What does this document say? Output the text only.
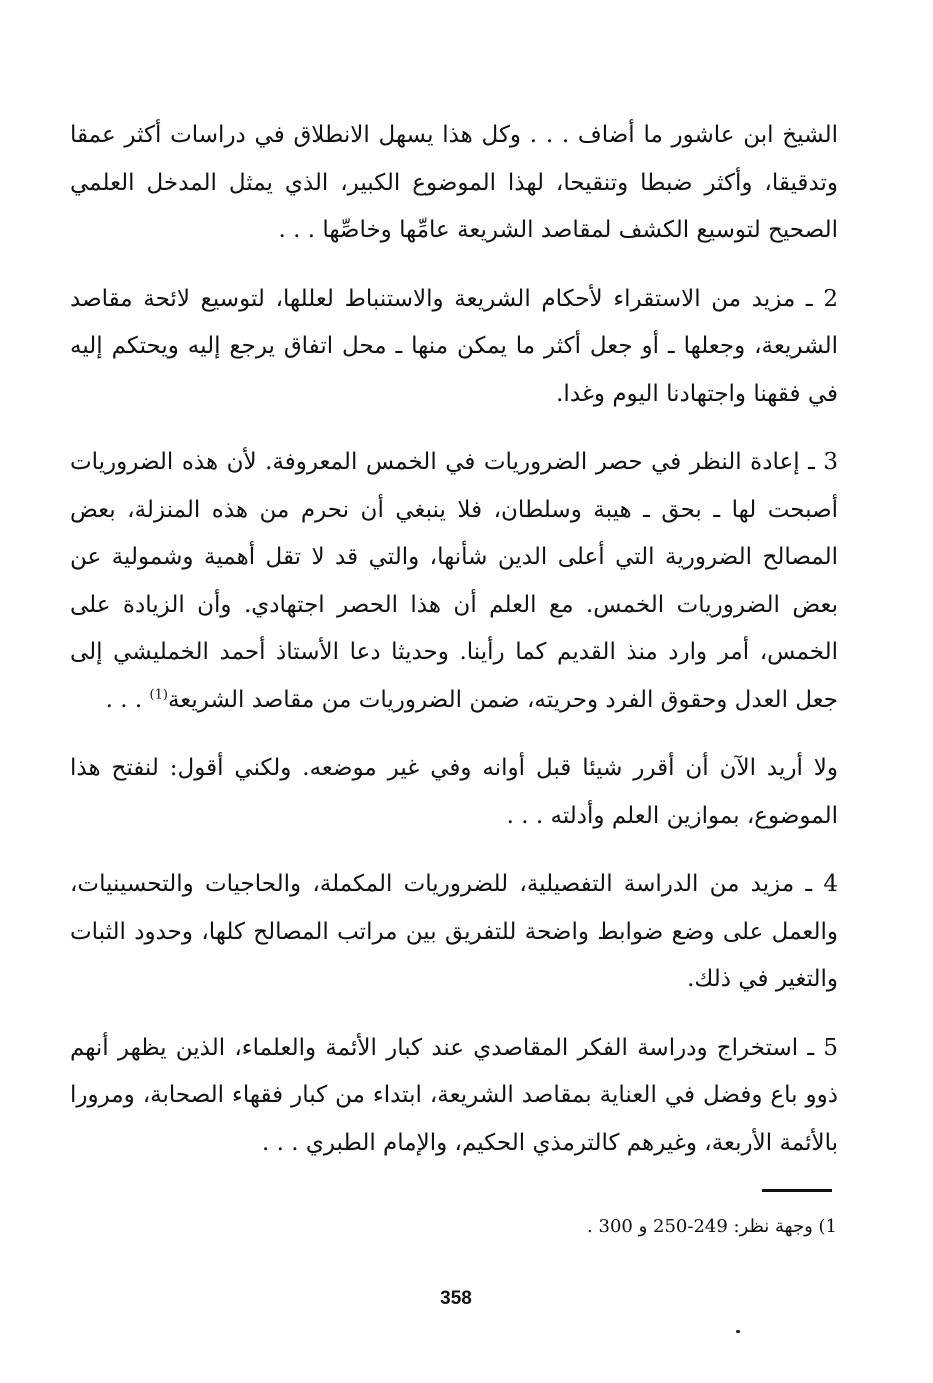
الشيخ ابن عاشور ما أضاف . . . وكل هذا يسهل الانطلاق في دراسات أكثر عمقا وتدقيقا، وأكثر ضبطا وتنقيحا، لهذا الموضوع الكبير، الذي يمثل المدخل العلمي الصحيح لتوسيع الكشف لمقاصد الشريعة عامِّها وخاصِّها . . .

2 ـ مزيد من الاستقراء لأحكام الشريعة والاستنباط لعللها، لتوسيع لائحة مقاصد الشريعة، وجعلها ـ أو جعل أكثر ما يمكن منها ـ محل اتفاق يرجع إليه ويحتكم إليه في فقهنا واجتهادنا اليوم وغدا.

3 ـ إعادة النظر في حصر الضروريات في الخمس المعروفة. لأن هذه الضروريات أصبحت لها ـ بحق ـ هيبة وسلطان، فلا ينبغي أن نحرم من هذه المنزلة، بعض المصالح الضرورية التي أعلى الدين شأنها، والتي قد لا تقل أهمية وشمولية عن بعض الضروريات الخمس. مع العلم أن هذا الحصر اجتهادي. وأن الزيادة على الخمس، أمر وارد منذ القديم كما رأينا. وحديثا دعا الأستاذ أحمد الخمليشي إلى جعل العدل وحقوق الفرد وحريته، ضمن الضروريات من مقاصد الشريعة$^{(1)}$ . . .

ولا أريد الآن أن أقرر شيئا قبل أوانه وفي غير موضعه. ولكني أقول: لنفتح هذا الموضوع، بموازين العلم وأدلته . . .

4 ـ مزيد من الدراسة التفصيلية، للضروريات المكملة، والحاجيات والتحسينيات، والعمل على وضع ضوابط واضحة للتفريق بين مراتب المصالح كلها، وحدود الثبات والتغير في ذلك.

5 ـ استخراج ودراسة الفكر المقاصدي عند كبار الأئمة والعلماء، الذين يظهر أنهم ذوو باع وفضل في العناية بمقاصد الشريعة، ابتداء من كبار فقهاء الصحابة، ومرورا بالأئمة الأربعة، وغيرهم كالترمذي الحكيم، والإمام الطبري . . .

1) وجهة نظر: 249-250 و 300 .
358
